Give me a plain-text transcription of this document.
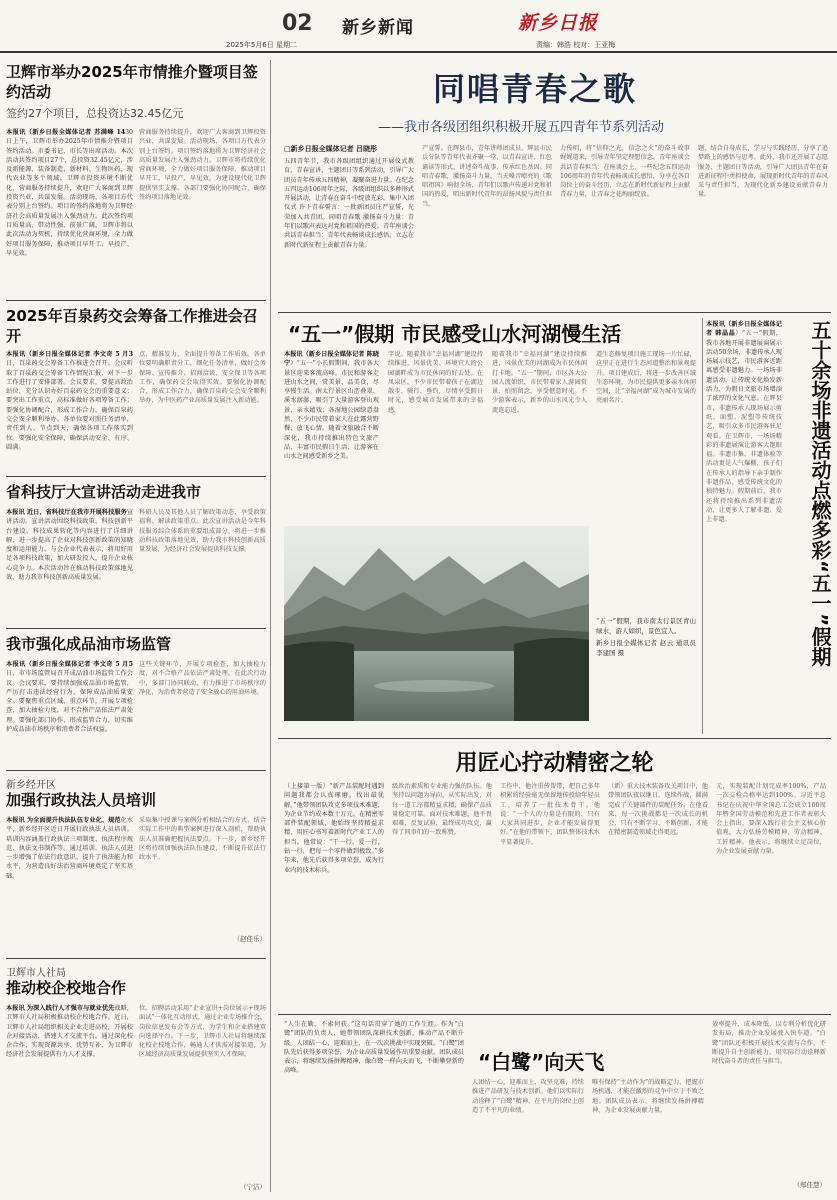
02 新乡新闻
2025年5月6日 星期二
新乡日报
责编：韩浩 校对：王亚梅
卫辉市举办2025年市情推介暨项目签约活动
签约27个项目，总投资达32.45亿元
本报讯（新乡日报全媒体记者 苏满峰 1430 日上午，卫辉市举办2025年市情推介暨项目签约活动。市委书记、市长等出席活动。本次活动共签约项目27个，总投资32.45亿元，涉及新能源、装备制造、新材料、生物医药、现代农业等多个领域。卫辉市投资环境不断优化，营商服务持续提升，欢迎广大客商到卫辉投资兴业，共谋发展。活动现场，各项目方代表分别上台签约。项目的签约落地将为卫辉经济社会高质量发展注入强劲动力。此次签约项目质量高、带动性强、前景广阔，卫辉市将以此次活动为契机，持续优化营商环境，全力做好项目服务保障，推动项目早开工、早投产、早见效。
营商服务持续提升，欢迎广大客商到卫辉投资兴业，共谋发展。活动现场，各项目方代表分别上台签约。项目签约落地将为卫辉经济社会高质量发展注入强劲动力。卫辉市将持续优化营商环境，全力做好项目服务保障，推动项目早开工、早投产、早见效，为建设现代化卫辉提供坚实支撑。各部门要强化协同配合，确保签约项目落地见效。
2025年百泉药交会筹备工作推进会召开
本报讯（新乡日报全媒体记者 李文奇 5 月3日，百泉药交会筹备工作推进会召开。会议听取了百泉药交会筹备工作情况汇报，对下一步工作进行了安排部署。会议要求，要提高政治站位，充分认识办好百泉药交会的重要意义；要突出工作重点，高标准做好各项筹备工作；要强化协调配合，形成工作合力，确保百泉药交会安全顺利举办。各单位要对照任务清单，责任到人、节点到天，确保各项工作落实到位。要强化安全保障，确保活动安全、有序、圆满。
点、精准发力，全面提升筹备工作质效。各单位要明确职责分工，细化任务清单，做好会务保障、宣传推介、招商洽谈、安全保卫等各项工作，确保药交会取得实效。要强化协调配合，形成工作合力，确保百泉药交会安全顺利举办，为中医药产业高质量发展注入新动能。
省科技厅大宣讲活动走进我市
本报讯 近日，省科技厅在我市开展科技服务宣讲活动。宣讲活动围绕科技政策、科技创新平台建设、科技成果转化等内容进行了详细讲解，进一步提高了企业对科技创新政策的知晓度和运用能力。与会企业代表表示，将用好用足各项科技政策，加大研发投入，提升企业核心竞争力。本次活动旨在推动科技政策落地见效，助力我市科技创新高质量发展。
科研人员及其他人员了解政策动态、享受政策福利、解读政策重点。此次宣讲活动是今年科技服务综合体系的重要组成部分，将进一步推动科技政策落地见效，助力我市科技创新高质量发展，为经济社会发展提供科技支撑。
我市强化成品油市场监管
本报讯（新乡日报全媒体记者 李文奇 5 月5日，市市场监管局召开成品油市场监管工作会议。会议要求，要持续加强成品油市场监管，严厉打击违法经营行为，保障成品油质量安全。要聚焦重点区域、重点环节，开展专项检查，加大抽检力度，对不合格产品依法严肃处理。要强化部门协作，形成监管合力，切实维护成品油市场秩序和消费者合法权益。
这些关键环节，开展专项检查，加大抽检力度，对不合格产品依法严肃处理。在此次行动中，多部门协同联动，有力推进了市场秩序的净化，为消费者营造了安全放心的用油环境。
新乡经开区
加强行政执法人员培训
本报讯 为全面提升执法队伍专业化、规范化水平，新乡经开区近日开展行政执法人员培训。培训内容涵盖行政执法三项制度、执法程序规范、执法文书制作等。通过培训，执法人员进一步增强了依法行政意识，提升了执法能力和水平，为营造良好法治营商环境奠定了坚实基础。
采取集中授课与案例分析相结合的方式，结合实际工作中的典型案例进行深入剖析，帮助执法人员准确把握执法要点。下一步，新乡经开区将持续加强执法队伍建设，不断提升依法行政水平。
（赵佳乐）
卫辉市人社局
推动校企校地合作
本报讯 为深入践行人才强市与就业优先战略，卫辉市人社局积极推动校企校地合作。近日，卫辉市人社局组织相关企业走进高校，开展校企对接活动，搭建人才交流平台。通过深化校企合作，实现资源共享、优势互补，为卫辉市经济社会发展提供有力人才支撑。
位。招聘活动采用“企业宣讲+岗位展示+现场面试”一体化互动形式，通过企业专场推介会、岗位信息发布会等方式，为学生和企业搭建双向选择平台。下一步，卫辉市人社局将继续深化校企校地合作，畅通人才供需对接渠道，为区域经济高质量发展提供坚实人才保障。
（宁洁）
同唱青春之歌
——我市各级团组织积极开展五四青年节系列活动
□新乡日报全媒体记者 吕晓彤
五四青年节，我市各级团组织通过开展仪式教育、青春宣讲、主题团日等系列活动，引导广大团员青年传承五四精神，凝聚奋进力量。在纪念五四运动106周年之际，各级团组织以多种形式开展活动，让青春在奋斗中绽放光彩。集中入团仪式 许下青春誓言：一批新团员庄严宣誓，光荣加入共青团。同唱青春歌 激扬奋斗力量：青年们以歌声表达对党和祖国的热爱。青年座谈会 共话青春担当：青年代表畅谈成长感悟，立志在新时代新征程上贡献青春力量。
产宣誓。在辉县市，青年讲师团成员、辉县市民兵分队等青年代表齐聚一堂，以青春宣讲、红色诵读等形式，讲述奋斗故事、传承红色基因。同唱青春歌，激扬奋斗力量。当天嗓音嘹亮的《歌唱祖国》响彻全场，青年们以歌声传递对党和祖国的热爱，唱出新时代青年的昂扬风貌与责任担当。
力传唱，将“信仰之光，信念之火”的奋斗故事娓娓道来，引导青年坚定理想信念。青年座谈会 共话青春担当：在座谈会上，一些纪念五四运动106周年的青年代表畅谈成长感悟，分享在各自岗位上的奋斗经历，立志在新时代新征程上贡献青春力量，让青春之花绚丽绽放。
题，结合自身成长，学习与实践经历，分享了追梦路上的感悟与思考。此外，我市还开展了志愿服务、主题团日等活动，引导广大团员青年在奋进新征程中勇担使命，展现新时代青年的青春风采与责任担当，为现代化新乡建设贡献青春力量。
“五一”假期 市民感受山水河湖慢生活
本报讯（新乡日报全媒体记者 陈晓宁）“五一”小长假期间，我市各大景区迎来客流高峰。市民和游客走进山水之间，赏美景、品美食，尽享慢生活。南太行景区山峦叠翠、溪水潺潺，吸引了大量游客登山观景、亲水嬉戏；各湿地公园绿意盎然，不少市民带着家人在此露营野餐、放飞心情。随着文旅融合不断深化，我市持续推出特色文旅产品，丰富市民假日生活，让游客在山水之间感受新乡之美。
字说。随着我市“幸福河湖”建设持续推进，风景优美、环境宜人的公园湖畔成为市民休闲的好去处。在凤泉区，不少市民带着孩子在湖边散步、骑行、垂钓，尽情享受假日时光，感受城市发展带来的幸福感。
随着我市“幸福河湖”建设持续推进，风景优美的河湖成为市民休闲打卡地。“五一”期间，市区各大公园人流如织，市民带着家人游园赏景、拍照留念，享受惬意时光。不少游客表示，新乡的山水风光令人流连忘返。
道生态修复项目施工现场一片忙碌，这里正在进行生态河道整治和景观提升。项目建成后，将进一步改善区域生态环境，为市民提供更多亲水休闲空间，让“幸福河湖”成为城市发展的亮丽名片。
“五一”假期，我市南太行景区青山绿水，游人如织，景色宜人。
新乡日报全媒体记者 赵云 通讯员 李建国 摄	五十余场非遗活动点燃多彩“五一”假期
本报讯（新乡日报全媒体记者 韩晶晶）“五一”假期，我市各地开展非遗展演展示活动50余场，非遗传承人现场展示技艺，市民游客近距离感受非遗魅力。一场场非遗活动，让传统文化焕发新活力，为假日文旅市场增添了浓厚的文化气息。在辉县市，非遗传承人现场展示剪纸、面塑、泥塑等传统技艺，吸引众多市民游客驻足观看。在卫辉市，一场场精彩的非遗展演让游客大饱眼福。非遗市集、非遗体验等活动更是人气爆棚，孩子们在传承人的指导下亲手制作非遗作品，感受传统文化的独特魅力。假期前后，我市还将持续推出系列非遗活动，让更多人了解非遗、爱上非遗。
用匠心拧动精密之轮
（上接第一版）“新产品装配时遇到问题我都会认真琢磨，找出最优解。”他带领团队攻克多项技术难题，为企业节约成本数十万元。在精密零部件装配领域，他始终坚持精益求精，用匠心书写着新时代产业工人的担当。他常说：“干一行，爱一行，钻一行，把每一个零件做到极致。”多年来，他先后获得多项荣誉，成为行业内的技术标兵。
级政治素质和专业能力强的队伍。他坚持以问题为导向，从实际出发，对每一道工序都精益求精，确保产品质量稳定可靠。面对技术难题，他不畏艰难，反复试验，最终成功攻克，赢得了同事们的一致称赞。
工作中，他注重传帮带，把自己多年积累的经验毫无保留地传授给年轻员工，培养了一批技术骨干。他说：“一个人的力量是有限的，只有大家共同进步，企业才能发展得更好。”在他的带领下，团队整体技术水平显著提升。
（新）重大技术装备攻关项目中，他带领团队夜以继日、连续作战，圆满完成了关键部件的装配任务。在他看来，每一次挑战都是一次成长的机会，只有不断学习、不断创新，才能在精密制造领域走得更远。
元，实现装配计划完成率100%，产品一次交检合格率达到100%。习近平总书记在庆祝中华全国总工会成立100周年暨全国劳动模范和先进工作者表彰大会上指出，要深入践行社会主义核心价值观，大力弘扬劳模精神、劳动精神、工匠精神。他表示，将继续立足岗位，为企业发展贡献力量。
“白鹭”向天飞
“人生在勤，不索何获。”这句话贯穿了她的工作生涯。作为“白鹭”团队的负责人，她带领团队深耕技术创新，推动产品不断升级。人团结一心，迎难而上，在一次次挑战中实现突破。“白鹭”团队先后获得多项荣誉，为企业高质量发展作出重要贡献。团队成员表示，将继续发扬拼搏精神，像白鹭一样向天而飞，不断攀登新的高峰。
人团结一心，迎难而上，攻坚克难，持续推进产品研发与技术创新。他们以实际行动诠释了“白鹭”精神，在平凡的岗位上创造了不平凡的业绩。
唯有保持“主动作为”的战略定力，把握市场机遇，才能在激烈的竞争中立于不败之地。团队成员表示，将继续发扬拼搏精神，为企业发展贡献力量。
效率提升、成本降低，以专利分析优化研发布局，推动企业发展驶入快车道。“白鹭”团队还积极开展技术交流与合作，不断提升自主创新能力，用实际行动诠释新时代奋斗者的责任与担当。
（郑佳慧）
